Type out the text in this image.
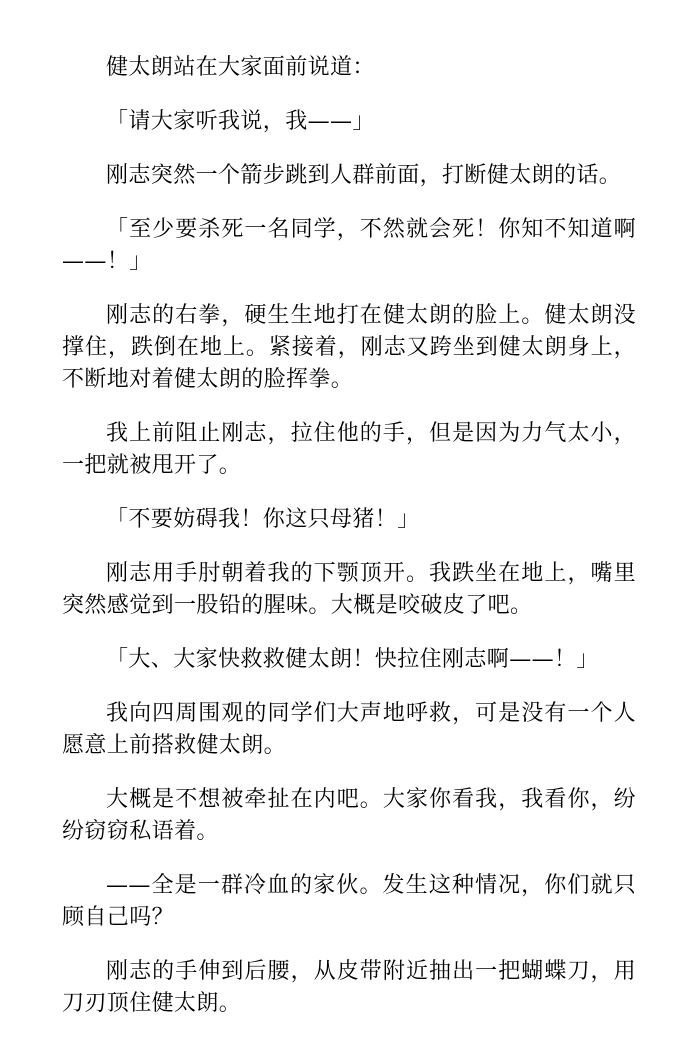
健太朗站在大家面前说道：

「请大家听我说，我——」

刚志突然一个箭步跳到人群前面，打断健太朗的话。

「至少要杀死一名同学，不然就会死！你知不知道啊——！」

刚志的右拳，硬生生地打在健太朗的脸上。健太朗没撑住，跌倒在地上。紧接着，刚志又跨坐到健太朗身上，不断地对着健太朗的脸挥拳。

我上前阻止刚志，拉住他的手，但是因为力气太小，一把就被甩开了。

「不要妨碍我！你这只母猪！」

刚志用手肘朝着我的下颚顶开。我跌坐在地上，嘴里突然感觉到一股铅的腥味。大概是咬破皮了吧。

「大、大家快救救健太朗！快拉住刚志啊——！」

我向四周围观的同学们大声地呼救，可是没有一个人愿意上前搭救健太朗。

大概是不想被牵扯在内吧。大家你看我，我看你，纷纷窃窃私语着。

——全是一群冷血的家伙。发生这种情况，你们就只顾自己吗？

刚志的手伸到后腰，从皮带附近抽出一把蝴蝶刀，用刀刃顶住健太朗。
